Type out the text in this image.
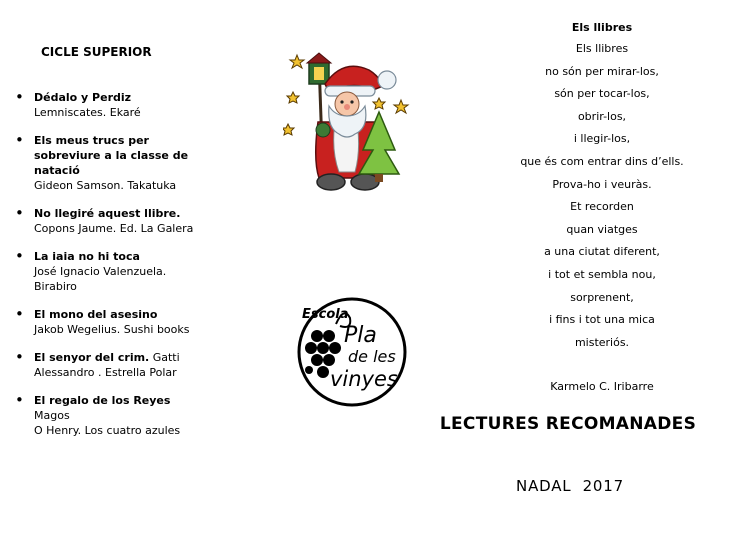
CICLE SUPERIOR
• Dédalo y Perdiz
Lemniscates. Ekaré
• Els meus trucs per sobreviure a la classe de natació
Gideon Samson. Takatuka
• No llegiré aquest llibre.
Copons Jaume. Ed. La Galera
• La iaia no hi toca
José Ignacio Valenzuela. Birabiro
• El mono del asesino
Jakob Wegelius. Sushi books
• El senyor del crim. Gatti Alessandro . Estrella Polar
• El regalo de los Reyes
Magos
O Henry. Los cuatro azules
Escola
Pla
de les
vinyes
Els llibres
Els llibres
no són per mirar-los,
són per tocar-los,
obrir-los,
i llegir-los,
que és com entrar dins d’ells.
Prova-ho i veuràs.
Et recorden
quan viatges
a una ciutat diferent,
i tot et sembla nou,
sorprenent,
i fins i tot una mica
misteriós.
Karmelo C. Iribarre
LECTURES RECOMANADES
NADAL  2017
